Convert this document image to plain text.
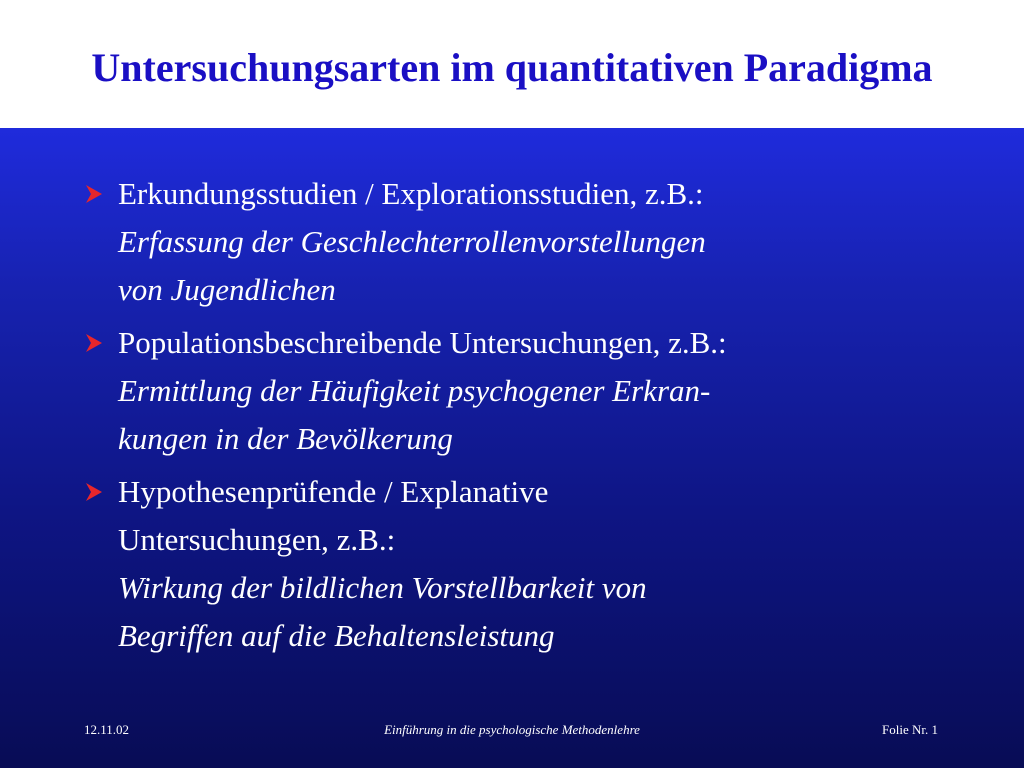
Untersuchungsarten im quantitativen Paradigma
Erkundungsstudien / Explorationsstudien, z.B.:
Erfassung der Geschlechterrollenvorstellungen
von Jugendlichen
Populationsbeschreibende Untersuchungen, z.B.:
Ermittlung der Häufigkeit psychogener Erkran-
kungen in der Bevölkerung
Hypothesenprüfende / Explanative
Untersuchungen, z.B.:
Wirkung der bildlichen Vorstellbarkeit von
Begriffen auf die Behaltensleistung
12.11.02	Einführung in die psychologische Methodenlehre	Folie Nr. 1
